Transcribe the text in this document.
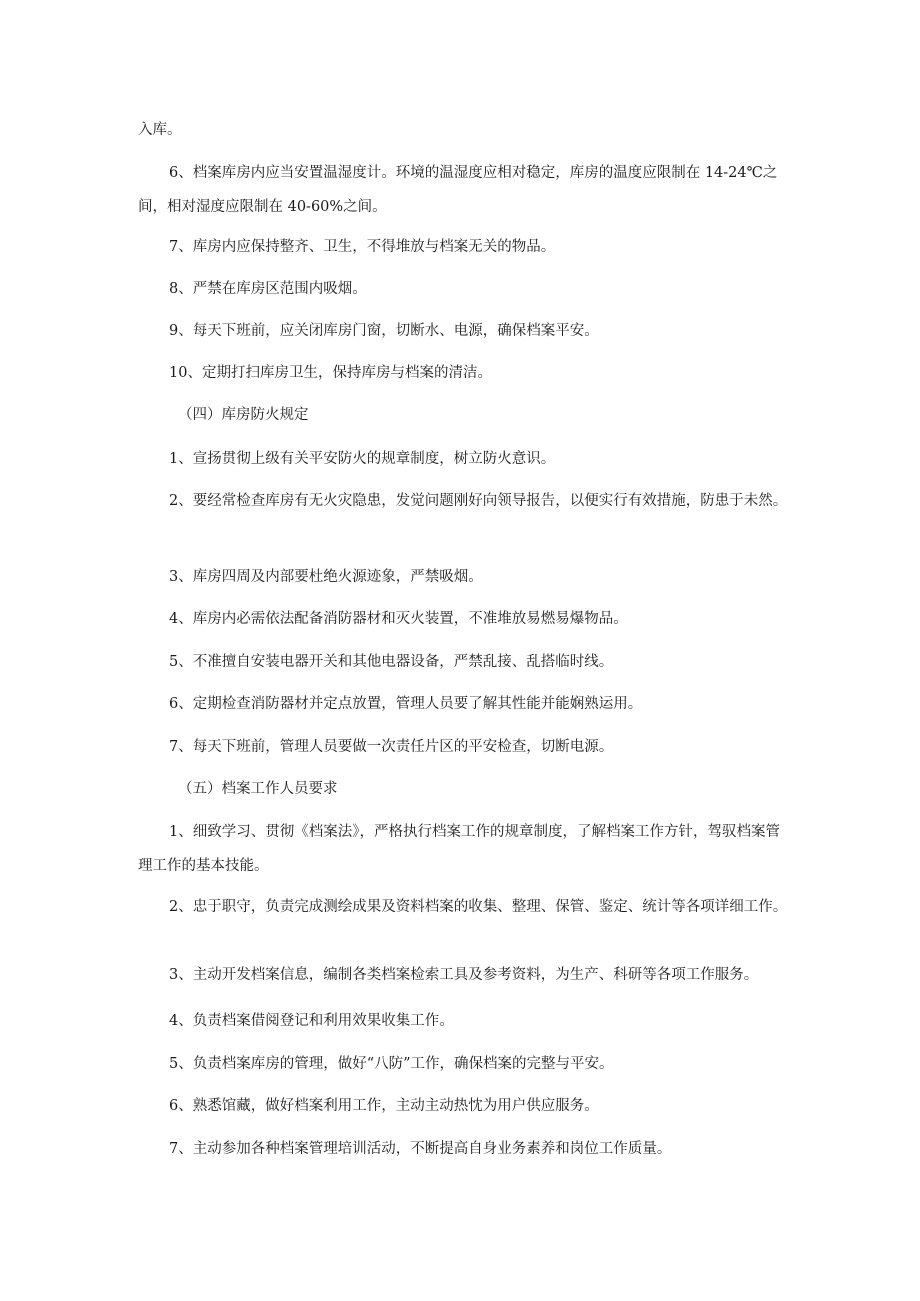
入库。

6、档案库房内应当安置温湿度计。环境的温湿度应相对稳定，库房的温度应限制在 14-24℃之间，相对湿度应限制在 40-60%之间。

7、库房内应保持整齐、卫生，不得堆放与档案无关的物品。

8、严禁在库房区范围内吸烟。

9、每天下班前，应关闭库房门窗，切断水、电源，确保档案平安。

10、定期打扫库房卫生，保持库房与档案的清洁。

（四）库房防火规定

1、宣扬贯彻上级有关平安防火的规章制度，树立防火意识。

2、要经常检查库房有无火灾隐患，发觉问题刚好向领导报告，以便实行有效措施，防患于未然。

3、库房四周及内部要杜绝火源迹象，严禁吸烟。

4、库房内必需依法配备消防器材和灭火装置，不准堆放易燃易爆物品。

5、不准擅自安装电器开关和其他电器设备，严禁乱接、乱搭临时线。

6、定期检查消防器材并定点放置，管理人员要了解其性能并能娴熟运用。

7、每天下班前，管理人员要做一次责任片区的平安检查，切断电源。

（五）档案工作人员要求

1、细致学习、贯彻《档案法》，严格执行档案工作的规章制度，了解档案工作方针，驾驭档案管理工作的基本技能。

2、忠于职守，负责完成测绘成果及资料档案的收集、整理、保管、鉴定、统计等各项详细工作。

3、主动开发档案信息，编制各类档案检索工具及参考资料，为生产、科研等各项工作服务。

4、负责档案借阅登记和利用效果收集工作。

5、负责档案库房的管理，做好“八防”工作，确保档案的完整与平安。

6、熟悉馆藏，做好档案利用工作，主动主动热忱为用户供应服务。

7、主动参加各种档案管理培训活动，不断提高自身业务素养和岗位工作质量。
